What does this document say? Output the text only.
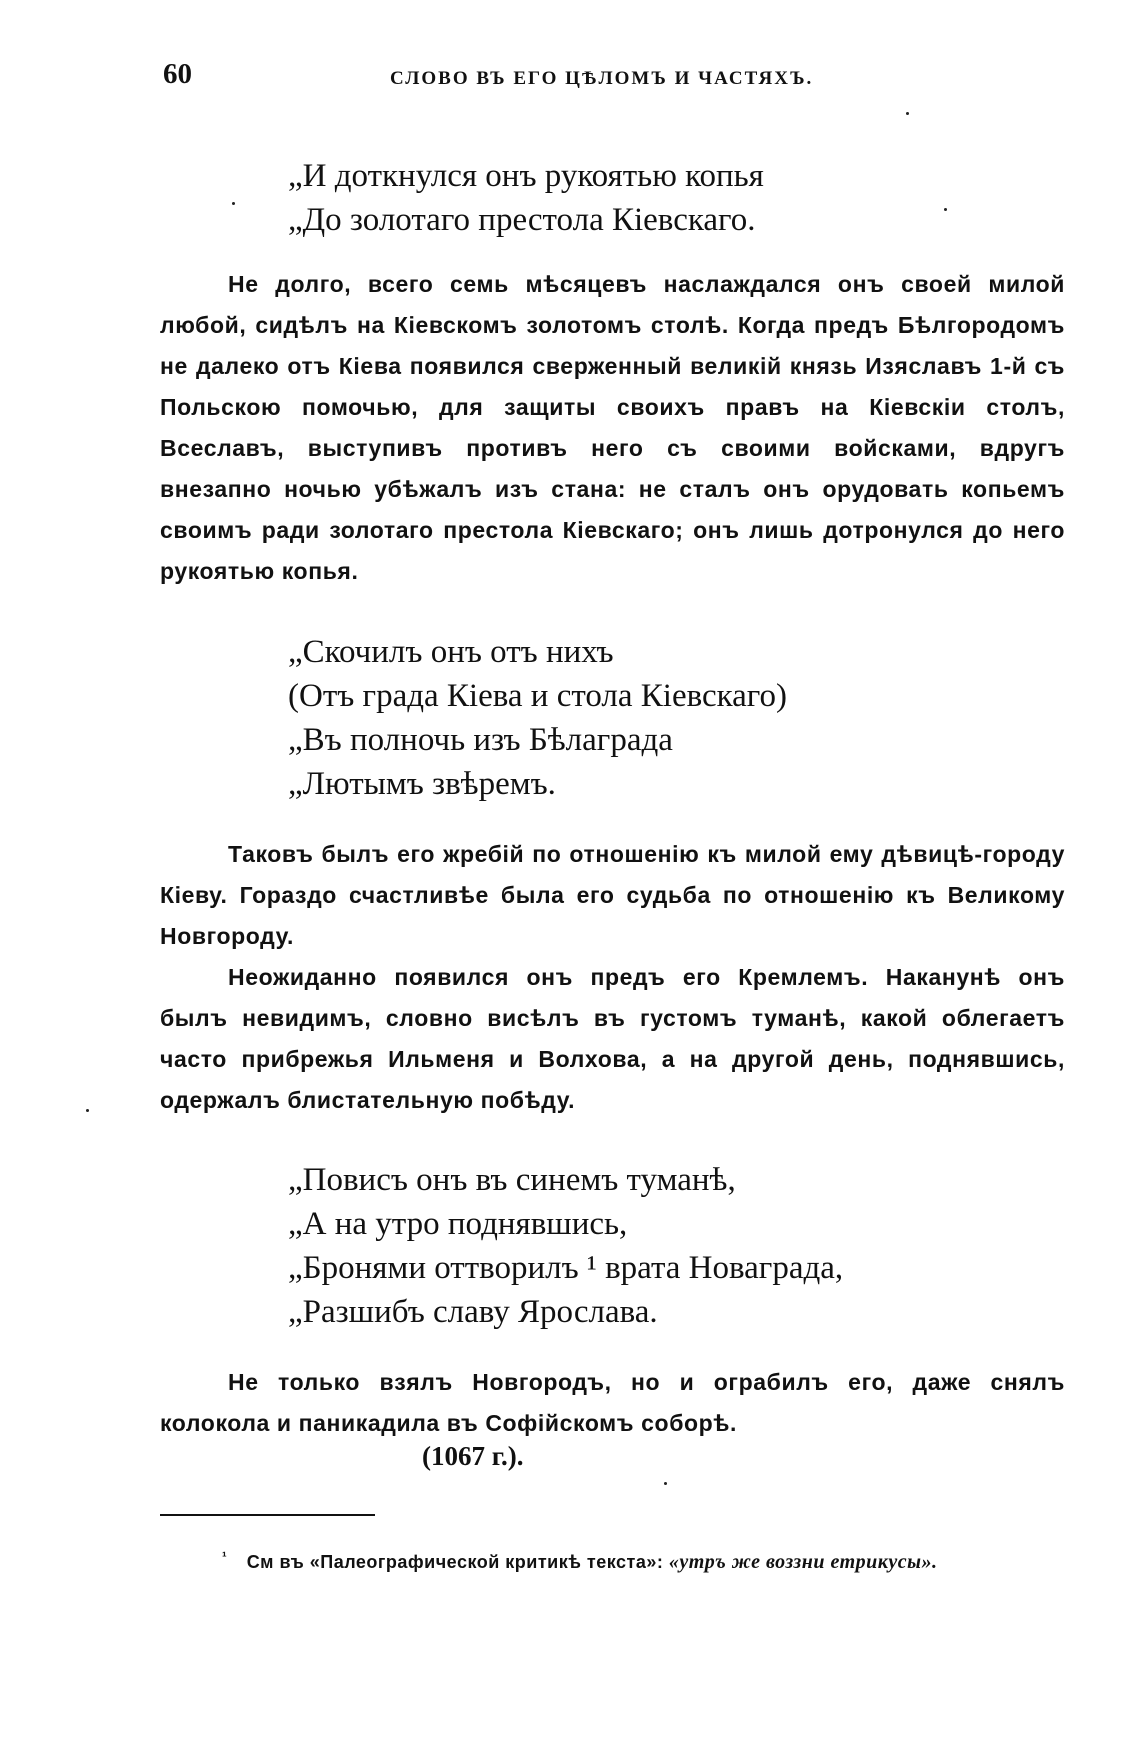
60	СЛОВО ВЪ ЕГО ЦѢЛОМЪ И ЧАСТЯХЪ.
„И доткнулся онъ рукоятью копья
„До золотаго престола Кіевскаго.

Не долго, всего семь мѣсяцевъ наслаждался онъ своей милой любой, сидѣлъ на Кіевскомъ золотомъ столѣ. Когда предъ Бѣлгородомъ не далеко отъ Кіева появился сверженный великій князь Изяславъ 1-й съ Польскою помочью, для защиты своихъ правъ на Кіевскіи столъ, Всеславъ, выступивъ противъ него съ своими войсками, вдругъ внезапно ночью убѣжалъ изъ стана: не сталъ онъ орудовать копьемъ своимъ ради золотаго престола Кіевскаго; онъ лишь дотронулся до него рукоятью копья.

„Скочилъ онъ отъ нихъ
(Отъ града Кіева и стола Кіевскаго)
„Въ полночь изъ Бѣлаграда
„Лютымъ звѣремъ.

Таковъ былъ его жребій по отношенію къ милой ему дѣвицѣ-городу Кіеву. Гораздо счастливѣе была его судьба по отношенію къ Великому Новгороду.

Неожиданно появился онъ предъ его Кремлемъ. Наканунѣ онъ былъ невидимъ, словно висѣлъ въ густомъ туманѣ, какой облегаетъ часто прибрежья Ильменя и Волхова, а на другой день, поднявшись, одержалъ блистательную побѣду.

„Повисъ онъ въ синемъ туманѣ,
„А на утро поднявшись,
„Бронями оттворилъ ¹ врата Новаграда,
„Разшибъ славу Ярослава.

Не только взялъ Новгородъ, но и ограбилъ его, даже снялъ колокола и паникадила въ Софійскомъ соборѣ.

(1067 г.).
$^{^1}$ См въ «Палеографической критикѣ текста»: «утръ же воззни етрикусы».
